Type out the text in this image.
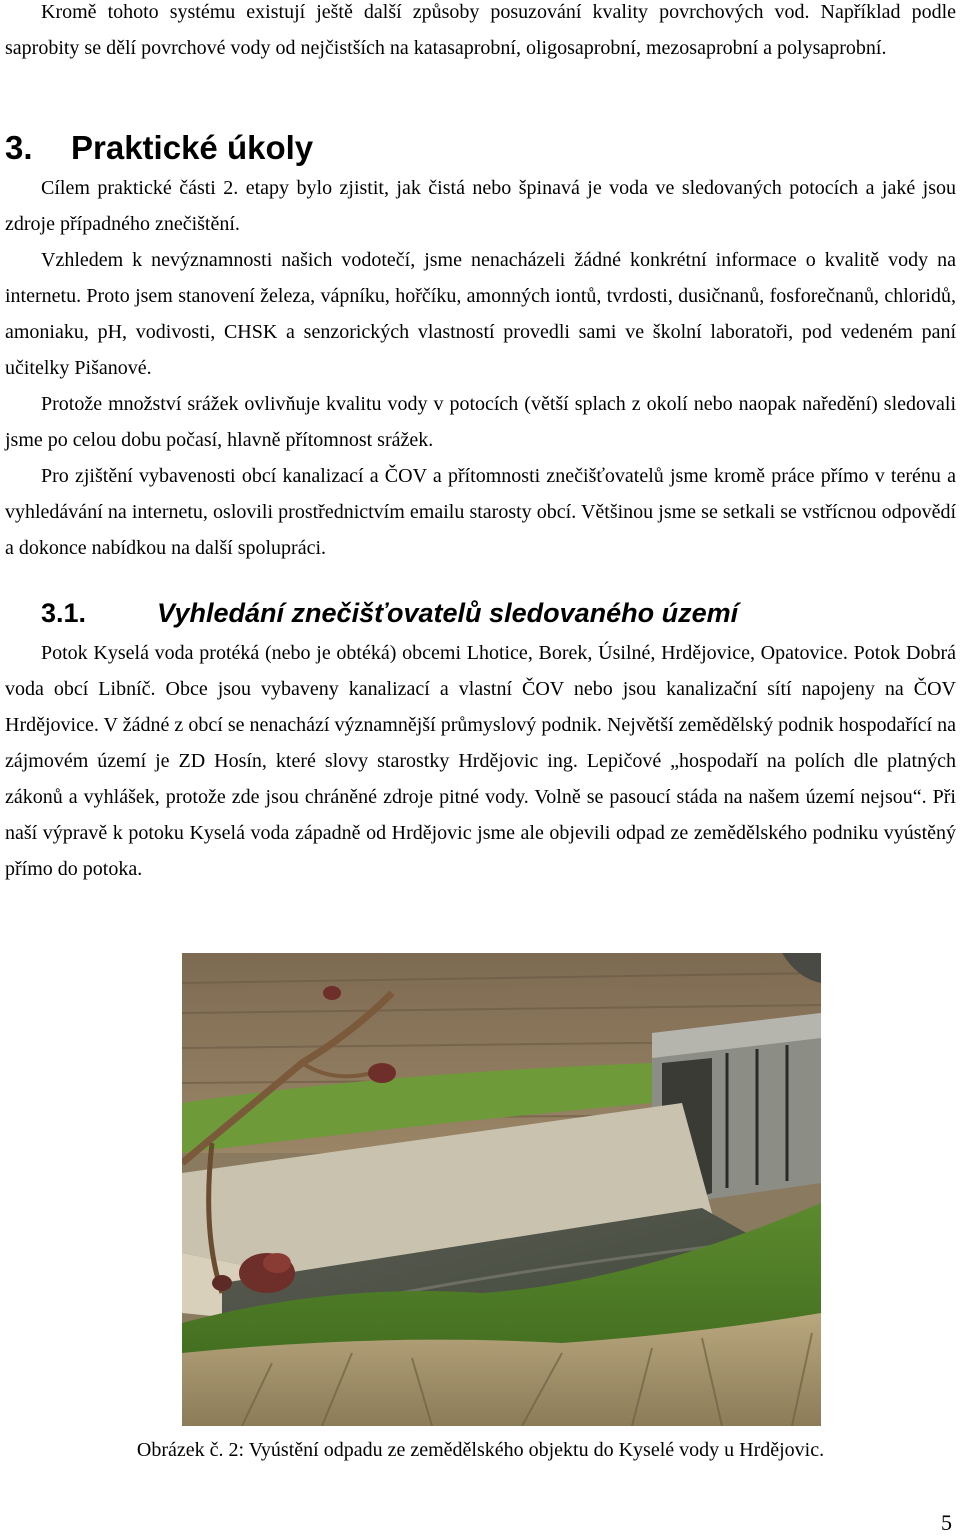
Kromě tohoto systému existují ještě další způsoby posuzování kvality povrchových vod. Například podle saprobity se dělí povrchové vody od nejčistších na katasaprobní, oligosaprobní, mezosaprobní a polysaprobní.

3. Praktické úkoly

Cílem praktické části 2. etapy bylo zjistit, jak čistá nebo špinavá je voda ve sledovaných potocích a jaké jsou zdroje případného znečištění.

Vzhledem k nevýznamnosti našich vodotečí, jsme nenacházeli žádné konkrétní informace o kvalitě vody na internetu. Proto jsem stanovení železa, vápníku, hořčíku, amonných iontů, tvrdosti, dusičnanů, fosforečnanů, chloridů, amoniaku, pH, vodivosti, CHSK a senzorických vlastností provedli sami ve školní laboratoři, pod vedeném paní učitelky Pišanové.

Protože množství srážek ovlivňuje kvalitu vody v potocích (větší splach z okolí nebo naopak naředění) sledovali jsme po celou dobu počasí, hlavně přítomnost srážek.

Pro zjištění vybavenosti obcí kanalizací a ČOV a přítomnosti znečišťovatelů jsme kromě práce přímo v terénu a vyhledávání na internetu, oslovili prostřednictvím emailu starosty obcí. Většinou jsme se setkali se vstřícnou odpovědí a dokonce nabídkou na další spolupráci.

3.1.	Vyhledání znečišťovatelů sledovaného území

Potok Kyselá voda protéká (nebo je obtéká) obcemi Lhotice, Borek, Úsilné, Hrdějovice, Opatovice. Potok Dobrá voda obcí Libníč. Obce jsou vybaveny kanalizací a vlastní ČOV nebo jsou kanalizační sítí napojeny na ČOV Hrdějovice. V žádné z obcí se nenachází významnější průmyslový podnik. Největší zemědělský podnik hospodařící na zájmovém území je ZD Hosín, které slovy starostky Hrdějovic ing. Lepičové „hospodaří na polích dle platných zákonů a vyhlášek, protože zde jsou chráněné zdroje pitné vody. Volně se pasoucí stáda na našem území nejsou“. Při naší výpravě k potoku Kyselá voda západně od Hrdějovic jsme ale objevili odpad ze zemědělského podniku vyústěný přímo do potoka.

Obrázek č. 2: Vyústění odpadu ze zemědělského objektu do Kyselé vody u Hrdějovic.
5
